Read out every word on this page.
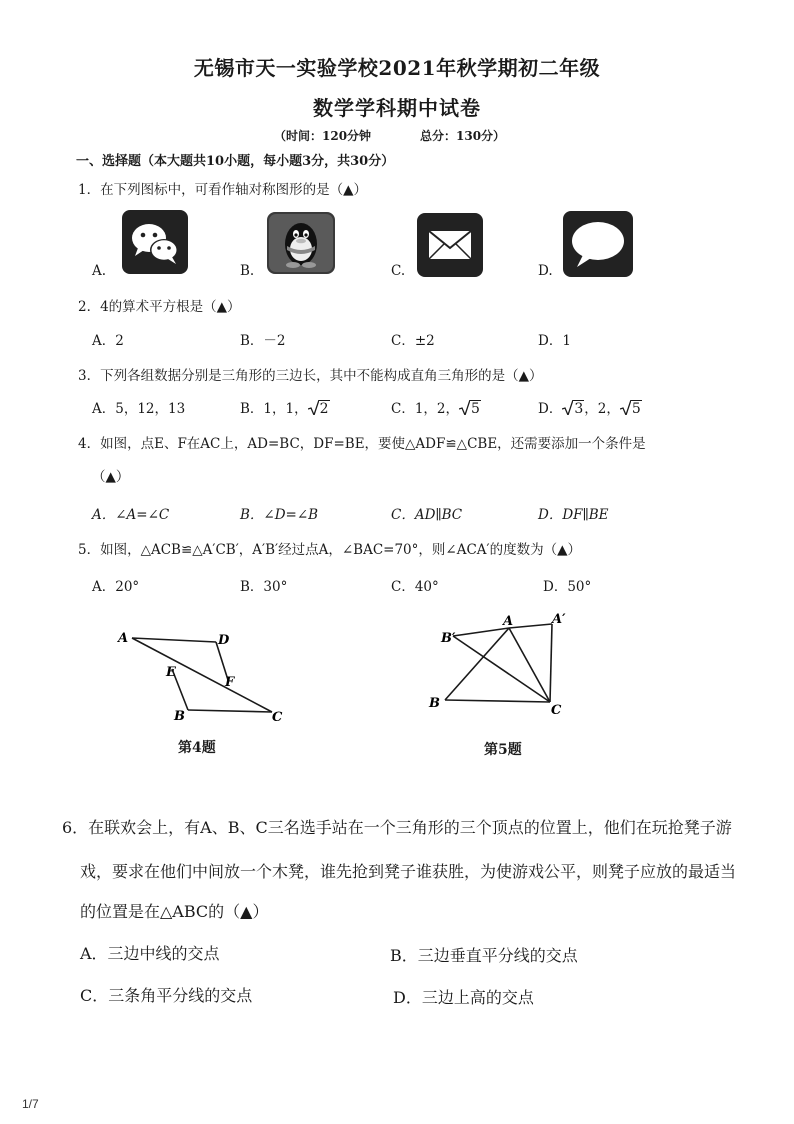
无锡市天一实验学校2021年秋学期初二年级
数学学科期中试卷
（时间：120分钟	总分：130分）
一、选择题（本大题共10小题，每小题3分，共30分）
1．在下列图标中，可看作轴对称图形的是（▲）
A.	B.	C.	D.
2．4的算术平方根是（▲）
A．2	B．－2	C．±2	D．1
3．下列各组数据分别是三角形的三边长，其中不能构成直角三角形的是（▲）
A．5，12，13	B．1，1， 2	C．1，2， 5	D． 3，2， 5
4．如图，点E、F在AC上，AD=BC，DF=BE，要使△ADF≌△CBE，还需要添加一个条件是
（▲）
A．∠A=∠C	B．∠D=∠B	C．AD∥BC	D．DF∥BE
5．如图，△ACB≌△A′CB′，A′B′经过点A，∠BAC=70°，则∠ACA′的度数为（▲）
A．20°	B．30°	C．40°	D．50°
A	D
E
F
B	C
第4题
B′
A	A′
B	C
第5题
6．在联欢会上，有A、B、C三名选手站在一个三角形的三个顶点的位置上，他们在玩抢凳子游
戏，要求在他们中间放一个木凳，谁先抢到凳子谁获胜，为使游戏公平，则凳子应放的最适当
的位置是在△ABC的（▲）
A．三边中线的交点	B．三边垂直平分线的交点
C．三条角平分线的交点	D．三边上高的交点
1/7
